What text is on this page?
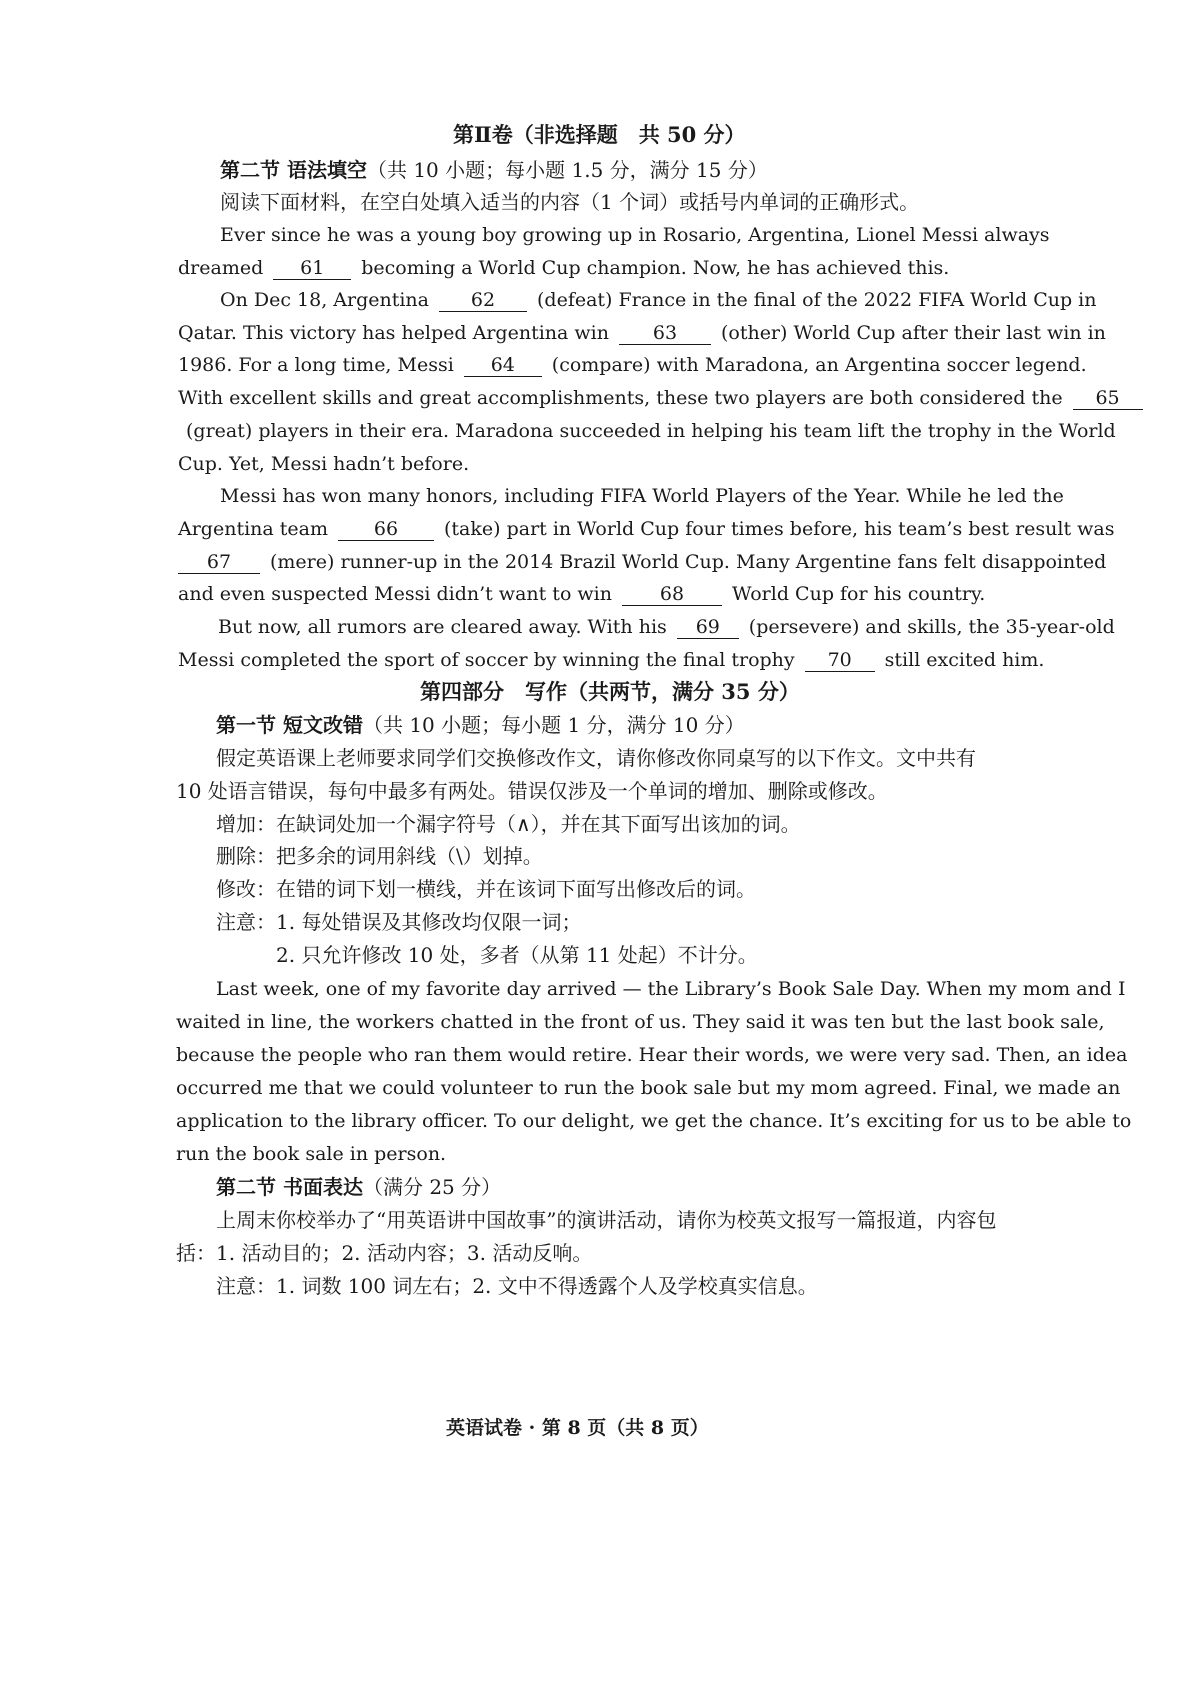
第Ⅱ卷（非选择题　共 50 分）
第二节 语法填空（共 10 小题；每小题 1.5 分，满分 15 分）
阅读下面材料，在空白处填入适当的内容（1 个词）或括号内单词的正确形式。
Ever since he was a young boy growing up in Rosario, Argentina, Lionel Messi always
dreamed 61 becoming a World Cup champion. Now, he has achieved this.
On Dec 18, Argentina 62 (defeat) France in the final of the 2022 FIFA World Cup in
Qatar. This victory has helped Argentina win 63 (other) World Cup after their last win in
1986. For a long time, Messi 64 (compare) with Maradona, an Argentina soccer legend.
With excellent skills and great accomplishments, these two players are both considered the 65
(great) players in their era. Maradona succeeded in helping his team lift the trophy in the World
Cup. Yet, Messi hadn’t before.
Messi has won many honors, including FIFA World Players of the Year. While he led the
Argentina team 66 (take) part in World Cup four times before, his team’s best result was
67 (mere) runner-up in the 2014 Brazil World Cup. Many Argentine fans felt disappointed
and even suspected Messi didn’t want to win	68	World Cup for his country.
But now, all rumors are cleared away. With his 69 (persevere) and skills, the 35-year-old
Messi completed the sport of soccer by winning the final trophy 70 still excited him.
第四部分　写作（共两节，满分 35 分）
第一节 短文改错（共 10 小题；每小题 1 分，满分 10 分）
假定英语课上老师要求同学们交换修改作文，请你修改你同桌写的以下作文。文中共有
10 处语言错误，每句中最多有两处。错误仅涉及一个单词的增加、删除或修改。
增加：在缺词处加一个漏字符号（∧），并在其下面写出该加的词。
删除：把多余的词用斜线（\）划掉。
修改：在错的词下划一横线，并在该词下面写出修改后的词。
注意：1. 每处错误及其修改均仅限一词；
2. 只允许修改 10 处，多者（从第 11 处起）不计分。
Last week, one of my favorite day arrived — the Library’s Book Sale Day. When my mom and I
waited in line, the workers chatted in the front of us. They said it was ten but the last book sale,
because the people who ran them would retire. Hear their words, we were very sad. Then, an idea
occurred me that we could volunteer to run the book sale but my mom agreed. Final, we made an
application to the library officer. To our delight, we get the chance. It’s exciting for us to be able to
run the book sale in person.
第二节 书面表达（满分 25 分）
上周末你校举办了“用英语讲中国故事”的演讲活动，请你为校英文报写一篇报道，内容包
括：1. 活动目的；2. 活动内容；3. 活动反响。
注意：1. 词数 100 词左右；2. 文中不得透露个人及学校真实信息。
英语试卷 · 第 8 页（共 8 页）
